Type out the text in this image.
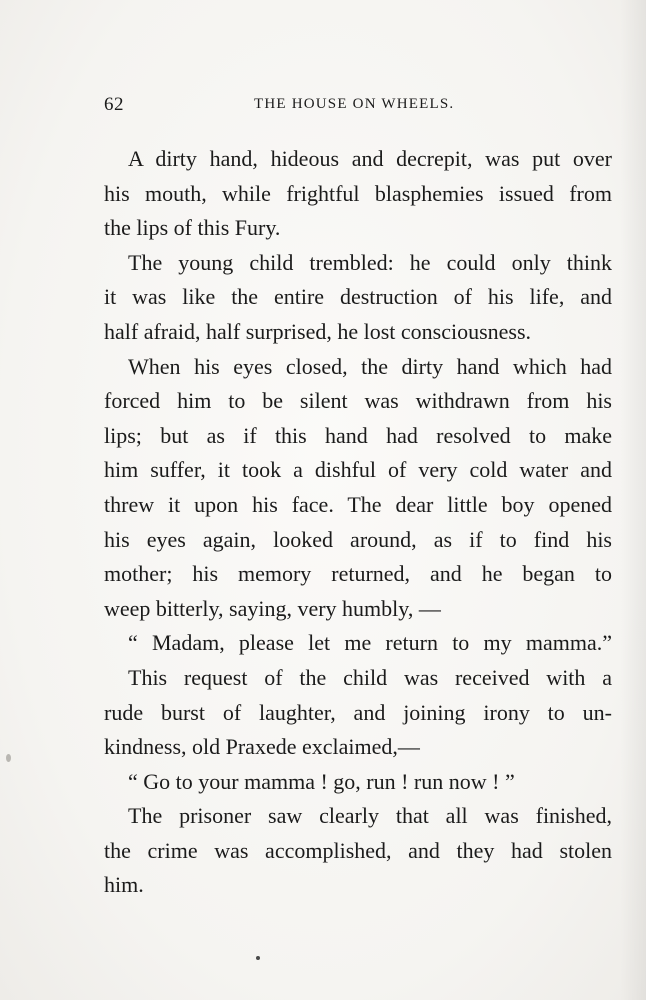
62	THE HOUSE ON WHEELS.
A dirty hand, hideous and decrepit, was put over
his mouth, while frightful blasphemies issued from
the lips of this Fury.
The young child trembled: he could only think
it was like the entire destruction of his life, and
half afraid, half surprised, he lost consciousness.
When his eyes closed, the dirty hand which had
forced him to be silent was withdrawn from his
lips; but as if this hand had resolved to make
him suffer, it took a dishful of very cold water and
threw it upon his face. The dear little boy opened
his eyes again, looked around, as if to find his
mother; his memory returned, and he began to
weep bitterly, saying, very humbly, —
“ Madam, please let me return to my mamma.”
This request of the child was received with a
rude burst of laughter, and joining irony to un-
kindness, old Praxede exclaimed,—
“ Go to your mamma ! go, run ! run now ! ”
The prisoner saw clearly that all was finished,
the crime was accomplished, and they had stolen
him.
